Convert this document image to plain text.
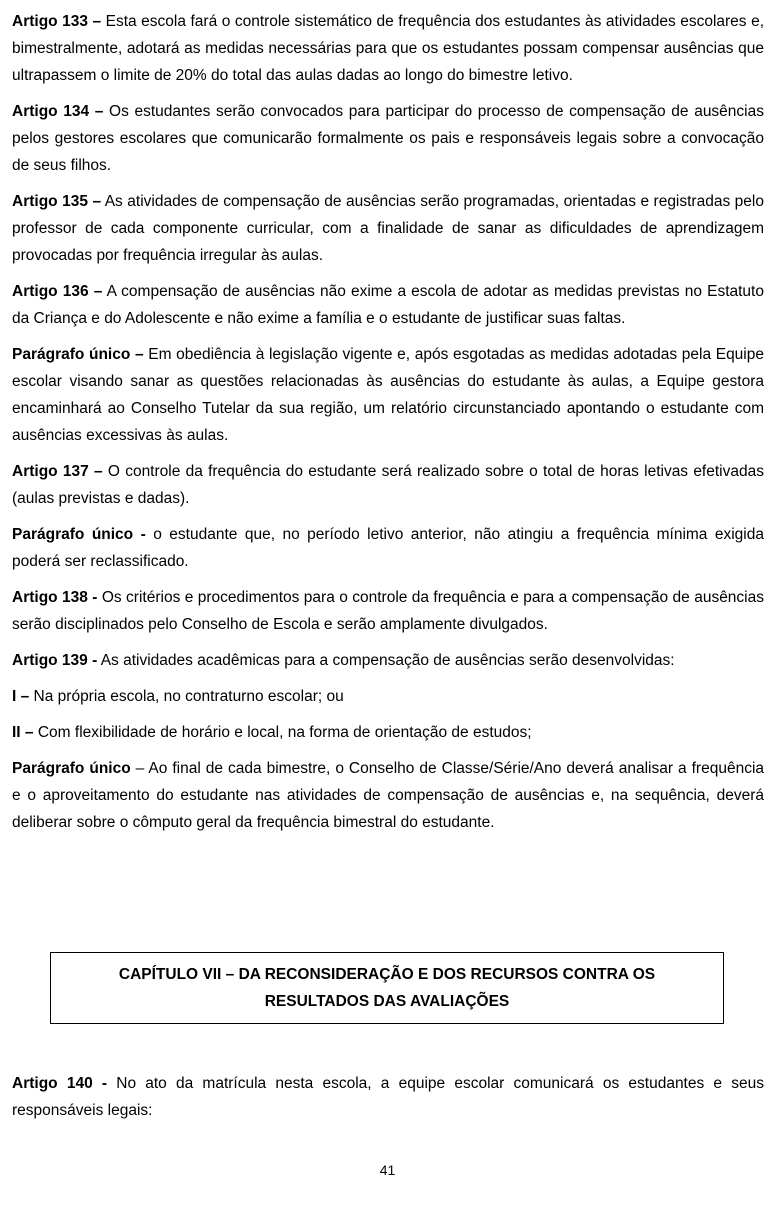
Artigo 133 – Esta escola fará o controle sistemático de frequência dos estudantes às atividades escolares e, bimestralmente, adotará as medidas necessárias para que os estudantes possam compensar ausências que ultrapassem o limite de 20% do total das aulas dadas ao longo do bimestre letivo.

Artigo 134 – Os estudantes serão convocados para participar do processo de compensação de ausências pelos gestores escolares que comunicarão formalmente os pais e responsáveis legais sobre a convocação de seus filhos.

Artigo 135 – As atividades de compensação de ausências serão programadas, orientadas e registradas pelo professor de cada componente curricular, com a finalidade de sanar as dificuldades de aprendizagem provocadas por frequência irregular às aulas.

Artigo 136 – A compensação de ausências não exime a escola de adotar as medidas previstas no Estatuto da Criança e do Adolescente e não exime a família e o estudante de justificar suas faltas.

Parágrafo único – Em obediência à legislação vigente e, após esgotadas as medidas adotadas pela Equipe escolar visando sanar as questões relacionadas às ausências do estudante às aulas, a Equipe gestora encaminhará ao Conselho Tutelar da sua região, um relatório circunstanciado apontando o estudante com ausências excessivas às aulas.

Artigo 137 – O controle da frequência do estudante será realizado sobre o total de horas letivas efetivadas (aulas previstas e dadas).

Parágrafo único - o estudante que, no período letivo anterior, não atingiu a frequência mínima exigida poderá ser reclassificado.

Artigo 138 - Os critérios e procedimentos para o controle da frequência e para a compensação de ausências serão disciplinados pelo Conselho de Escola e serão amplamente divulgados.

Artigo 139 - As atividades acadêmicas para a compensação de ausências serão desenvolvidas:

I – Na própria escola, no contraturno escolar; ou

II – Com flexibilidade de horário e local, na forma de orientação de estudos;

Parágrafo único – Ao final de cada bimestre, o Conselho de Classe/Série/Ano deverá analisar a frequência e o aproveitamento do estudante nas atividades de compensação de ausências e, na sequência, deverá deliberar sobre o cômputo geral da frequência bimestral do estudante.

CAPÍTULO VII – DA RECONSIDERAÇÃO E DOS RECURSOS CONTRA OS RESULTADOS DAS AVALIAÇÕES

Artigo 140 - No ato da matrícula nesta escola, a equipe escolar comunicará os estudantes e seus responsáveis legais:

41
